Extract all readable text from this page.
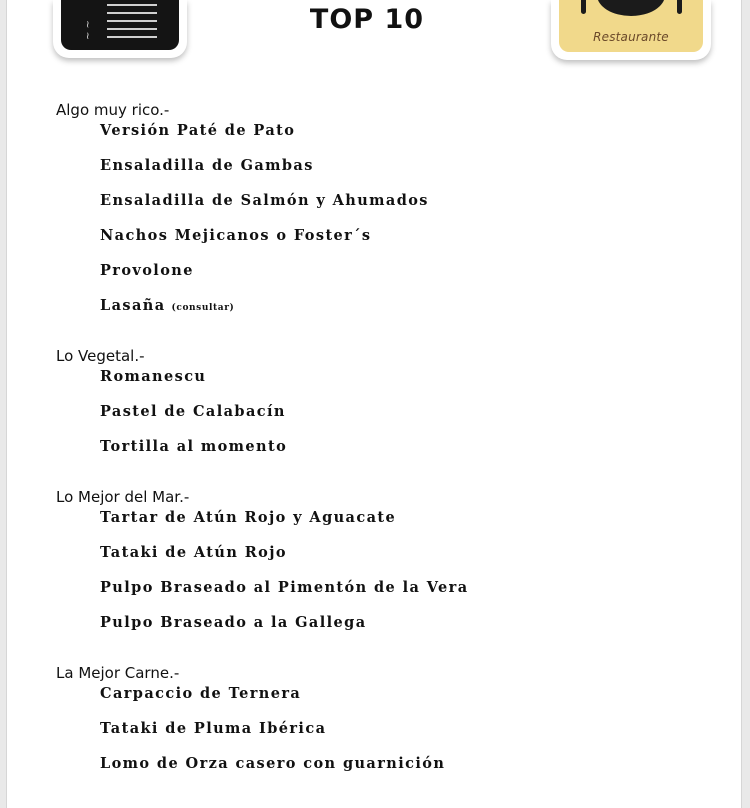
~ ~	TOP 10
Restaurante
Algo muy rico.-
Versión Paté de Pato
Ensaladilla de Gambas
Ensaladilla de Salmón y Ahumados
Nachos Mejicanos o Foster´s
Provolone
Lasaña (consultar)
Lo Vegetal.-
Romanescu
Pastel de Calabacín
Tortilla al momento
Lo Mejor del Mar.-
Tartar de Atún Rojo y Aguacate
Tataki de Atún Rojo
Pulpo Braseado al Pimentón de la Vera
Pulpo Braseado a la Gallega
La Mejor Carne.-
Carpaccio de Ternera
Tataki de Pluma Ibérica
Lomo de Orza casero con guarnición
